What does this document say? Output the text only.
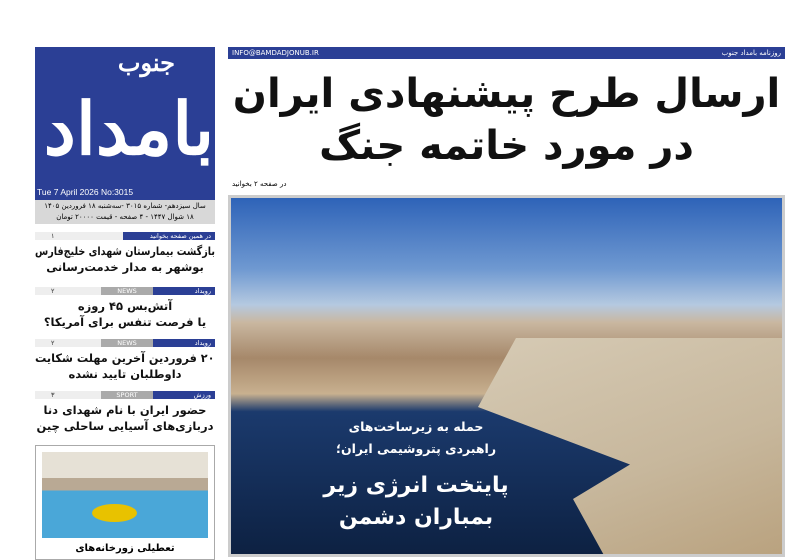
جنوب
بامداد
Tue 7 April 2026 No:3015
سال سیزدهم- شماره ۳۰۱۵ -سه‌شنبه ۱۸ فروردین ۱۴۰۵
۱۸ شوال ۱۴۴۷ - ۴ صفحه - قیمت ۲۰۰۰۰ تومان
۱	در همین صفحه بخوانید
بازگشت بیمارستان شهدای خلیج‌فارس
بوشهر به مدار خدمت‌رسانی
۲	NEWS	رویداد
آتش‌بس ۴۵ روزه
یا فرصت تنفس برای آمریکا؟
۲	NEWS	رویداد
۲۰ فروردین آخرین مهلت شکایت
داوطلبان تایید نشده
۳	SPORT	ورزش
حضور ایران با نام شهدای دنا
دربازی‌های آسیایی ساحلی چین
تعطیلی زورخانه‌های
INFO@BAMDADJONUB.IR	روزنامه بامداد جنوب
ارسال طرح پیشنهادی ایران
در مورد خاتمه جنگ
در صفحه ۲ بخوانید
حمله به زیرساخت‌های
راهبردی پتروشیمی ایران؛
پایتخت انرژی زیر
بمباران دشمن
